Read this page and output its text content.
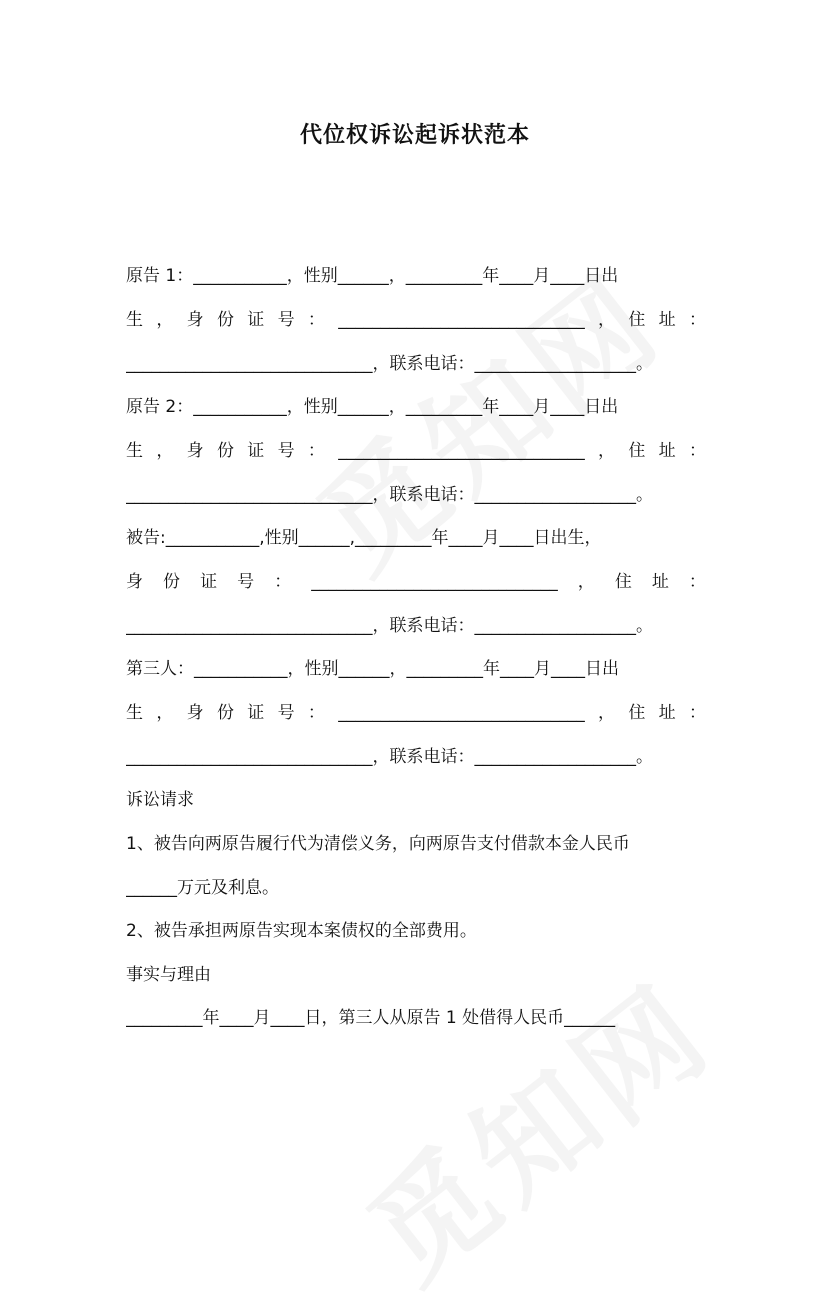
代位权诉讼起诉状范本
原告 1：___________，性别______，_________年____月____日出
生 ， 身 份 证 号 ： _____________________________ ， 住 址 ：
_____________________________，联系电话：___________________。
原告 2：___________，性别______，_________年____月____日出
生 ， 身 份 证 号 ： _____________________________ ， 住 址 ：
_____________________________，联系电话：___________________。
被告:___________,性别______,_________年____月____日出生，
身 份 证 号 ： _____________________________ ， 住 址 ：
_____________________________，联系电话：___________________。
第三人：___________，性别______，_________年____月____日出
生 ， 身 份 证 号 ： _____________________________ ， 住 址 ：
_____________________________，联系电话：___________________。
诉讼请求
1、被告向两原告履行代为清偿义务，向两原告支付借款本金人民币
______万元及利息。
2、被告承担两原告实现本案债权的全部费用。
事实与理由
_________年____月____日，第三人从原告 1 处借得人民币______
